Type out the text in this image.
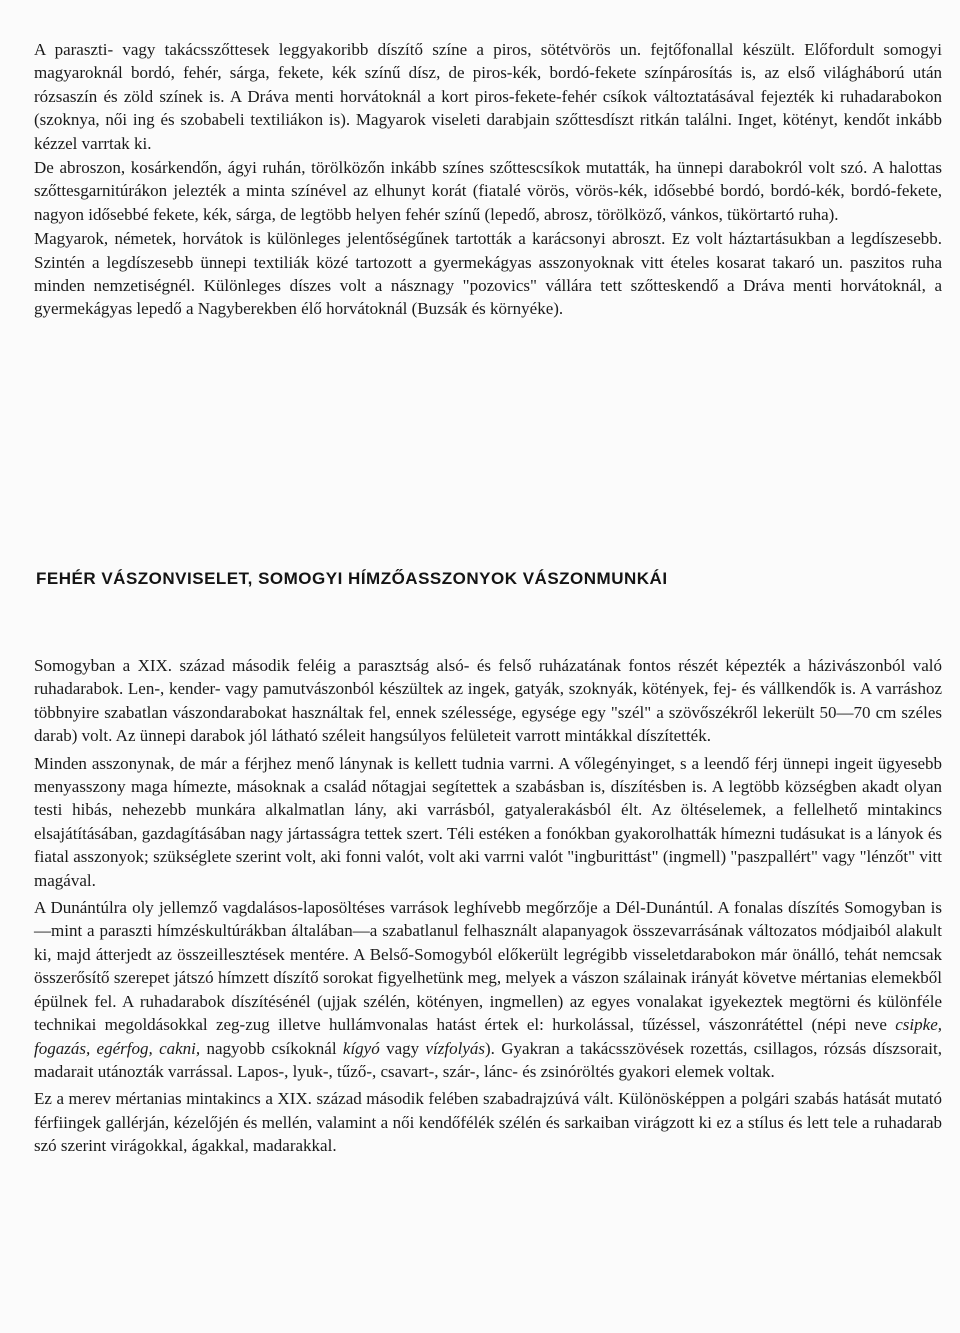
A paraszti- vagy takácsszőttesek leggyakoribb díszítő színe a piros, sötétvörös un. fejtőfonallal készült. Előfordult somogyi magyaroknál bordó, fehér, sárga, fekete, kék színű dísz, de piros-kék, bordó-fekete színpárosítás is, az első világháború után rózsaszín és zöld színek is. A Dráva menti horvátoknál a kort piros-fekete-fehér csíkok változtatásával fejezték ki ruhadarabokon (szoknya, női ing és szobabeli textiliákon is). Magyarok viseleti darabjain szőttesdíszt ritkán találni. Inget, kötényt, kendőt inkább kézzel varrtak ki.

De abroszon, kosárkendőn, ágyi ruhán, törölközőn inkább színes szőttescsíkok mutatták, ha ünnepi darabokról volt szó. A halottas szőttesgarnitúrákon jelezték a minta színével az elhunyt korát (fiatalé vörös, vörös-kék, idősebbé bordó, bordó-kék, bordó-fekete, nagyon idősebbé fekete, kék, sárga, de legtöbb helyen fehér színű (lepedő, abrosz, törölköző, vánkos, tükörtartó ruha).

Magyarok, németek, horvátok is különleges jelentőségűnek tartották a karácsonyi abroszt. Ez volt háztartásukban a legdíszesebb. Szintén a legdíszesebb ünnepi textiliák közé tartozott a gyermekágyas asszonyoknak vitt ételes kosarat takaró un. paszitos ruha minden nemzetiségnél. Különleges díszes volt a násznagy "pozovics" vállára tett szőtteskendő a Dráva menti horvátoknál, a gyermekágyas lepedő a Nagyberekben élő horvátoknál (Buzsák és környéke).

FEHÉR VÁSZONVISELET, SOMOGYI HÍMZŐASSZONYOK VÁSZONMUNKÁI

Somogyban a XIX. század második feléig a parasztság alsó- és felső ruházatának fontos részét képezték a házivászonból való ruhadarabok. Len-, kender- vagy pamutvászonból készültek az ingek, gatyák, szoknyák, kötények, fej- és vállkendők is. A varráshoz többnyire szabatlan vászondarabokat használtak fel, ennek szélessége, egysége egy "szél" a szövőszékről lekerült 50—70 cm széles darab) volt. Az ünnepi darabok jól látható széleit hangsúlyos felületeit varrott mintákkal díszítették.

Minden asszonynak, de már a férjhez menő lánynak is kellett tudnia varrni. A vőlegényinget, s a leendő férj ünnepi ingeit ügyesebb menyasszony maga hímezte, másoknak a család nőtagjai segítettek a szabásban is, díszítésben is. A legtöbb községben akadt olyan testi hibás, nehezebb munkára alkalmatlan lány, aki varrásból, gatyalerakásból élt. Az öltéselemek, a fellelhető mintakincs elsajátításában, gazdagításában nagy jártasságra tettek szert. Téli estéken a fonókban gyakorolhatták hímezni tudásukat is a lányok és fiatal asszonyok; szükséglete szerint volt, aki fonni valót, volt aki varrni valót "ingburittást" (ingmell) "paszpallért" vagy "lénzőt" vitt magával.

A Dunántúlra oly jellemző vagdalásos-laposöltéses varrások leghívebb megőrzője a Dél-Dunántúl. A fonalas díszítés Somogyban is—mint a paraszti hímzéskultúrákban általában—a szabatlanul felhasznált alapanyagok összevarrásának változatos módjaiból alakult ki, majd átterjedt az összeillesztések mentére. A Belső-Somogyból előkerült legrégibb visseletdarabokon már önálló, tehát nemcsak összerősítő szerepet játszó hímzett díszítő sorokat figyelhetünk meg, melyek a vászon szálainak irányát követve mértanias elemekből épülnek fel. A ruhadarabok díszítésénél (ujjak szélén, kötényen, ingmellen) az egyes vonalakat igyekeztek megtörni és különféle technikai megoldásokkal zeg-zug illetve hullámvonalas hatást értek el: hurkolással, tűzéssel, vászonrátéttel (népi neve csipke, fogazás, egérfog, cakni, nagyobb csíkoknál kígyó vagy vízfolyás). Gyakran a takácsszövések rozettás, csillagos, rózsás díszsorait, madarait utánozták varrással. Lapos-, lyuk-, tűző-, csavart-, szár-, lánc- és zsinóröltés gyakori elemek voltak.

Ez a merev mértanias mintakincs a XIX. század második felében szabadrajzúvá vált. Különösképpen a polgári szabás hatását mutató férfiingek gallérján, kézelőjén és mellén, valamint a női kendőfélék szélén és sarkaiban virágzott ki ez a stílus és lett tele a ruhadarab szó szerint virágokkal, ágakkal, madarakkal.
